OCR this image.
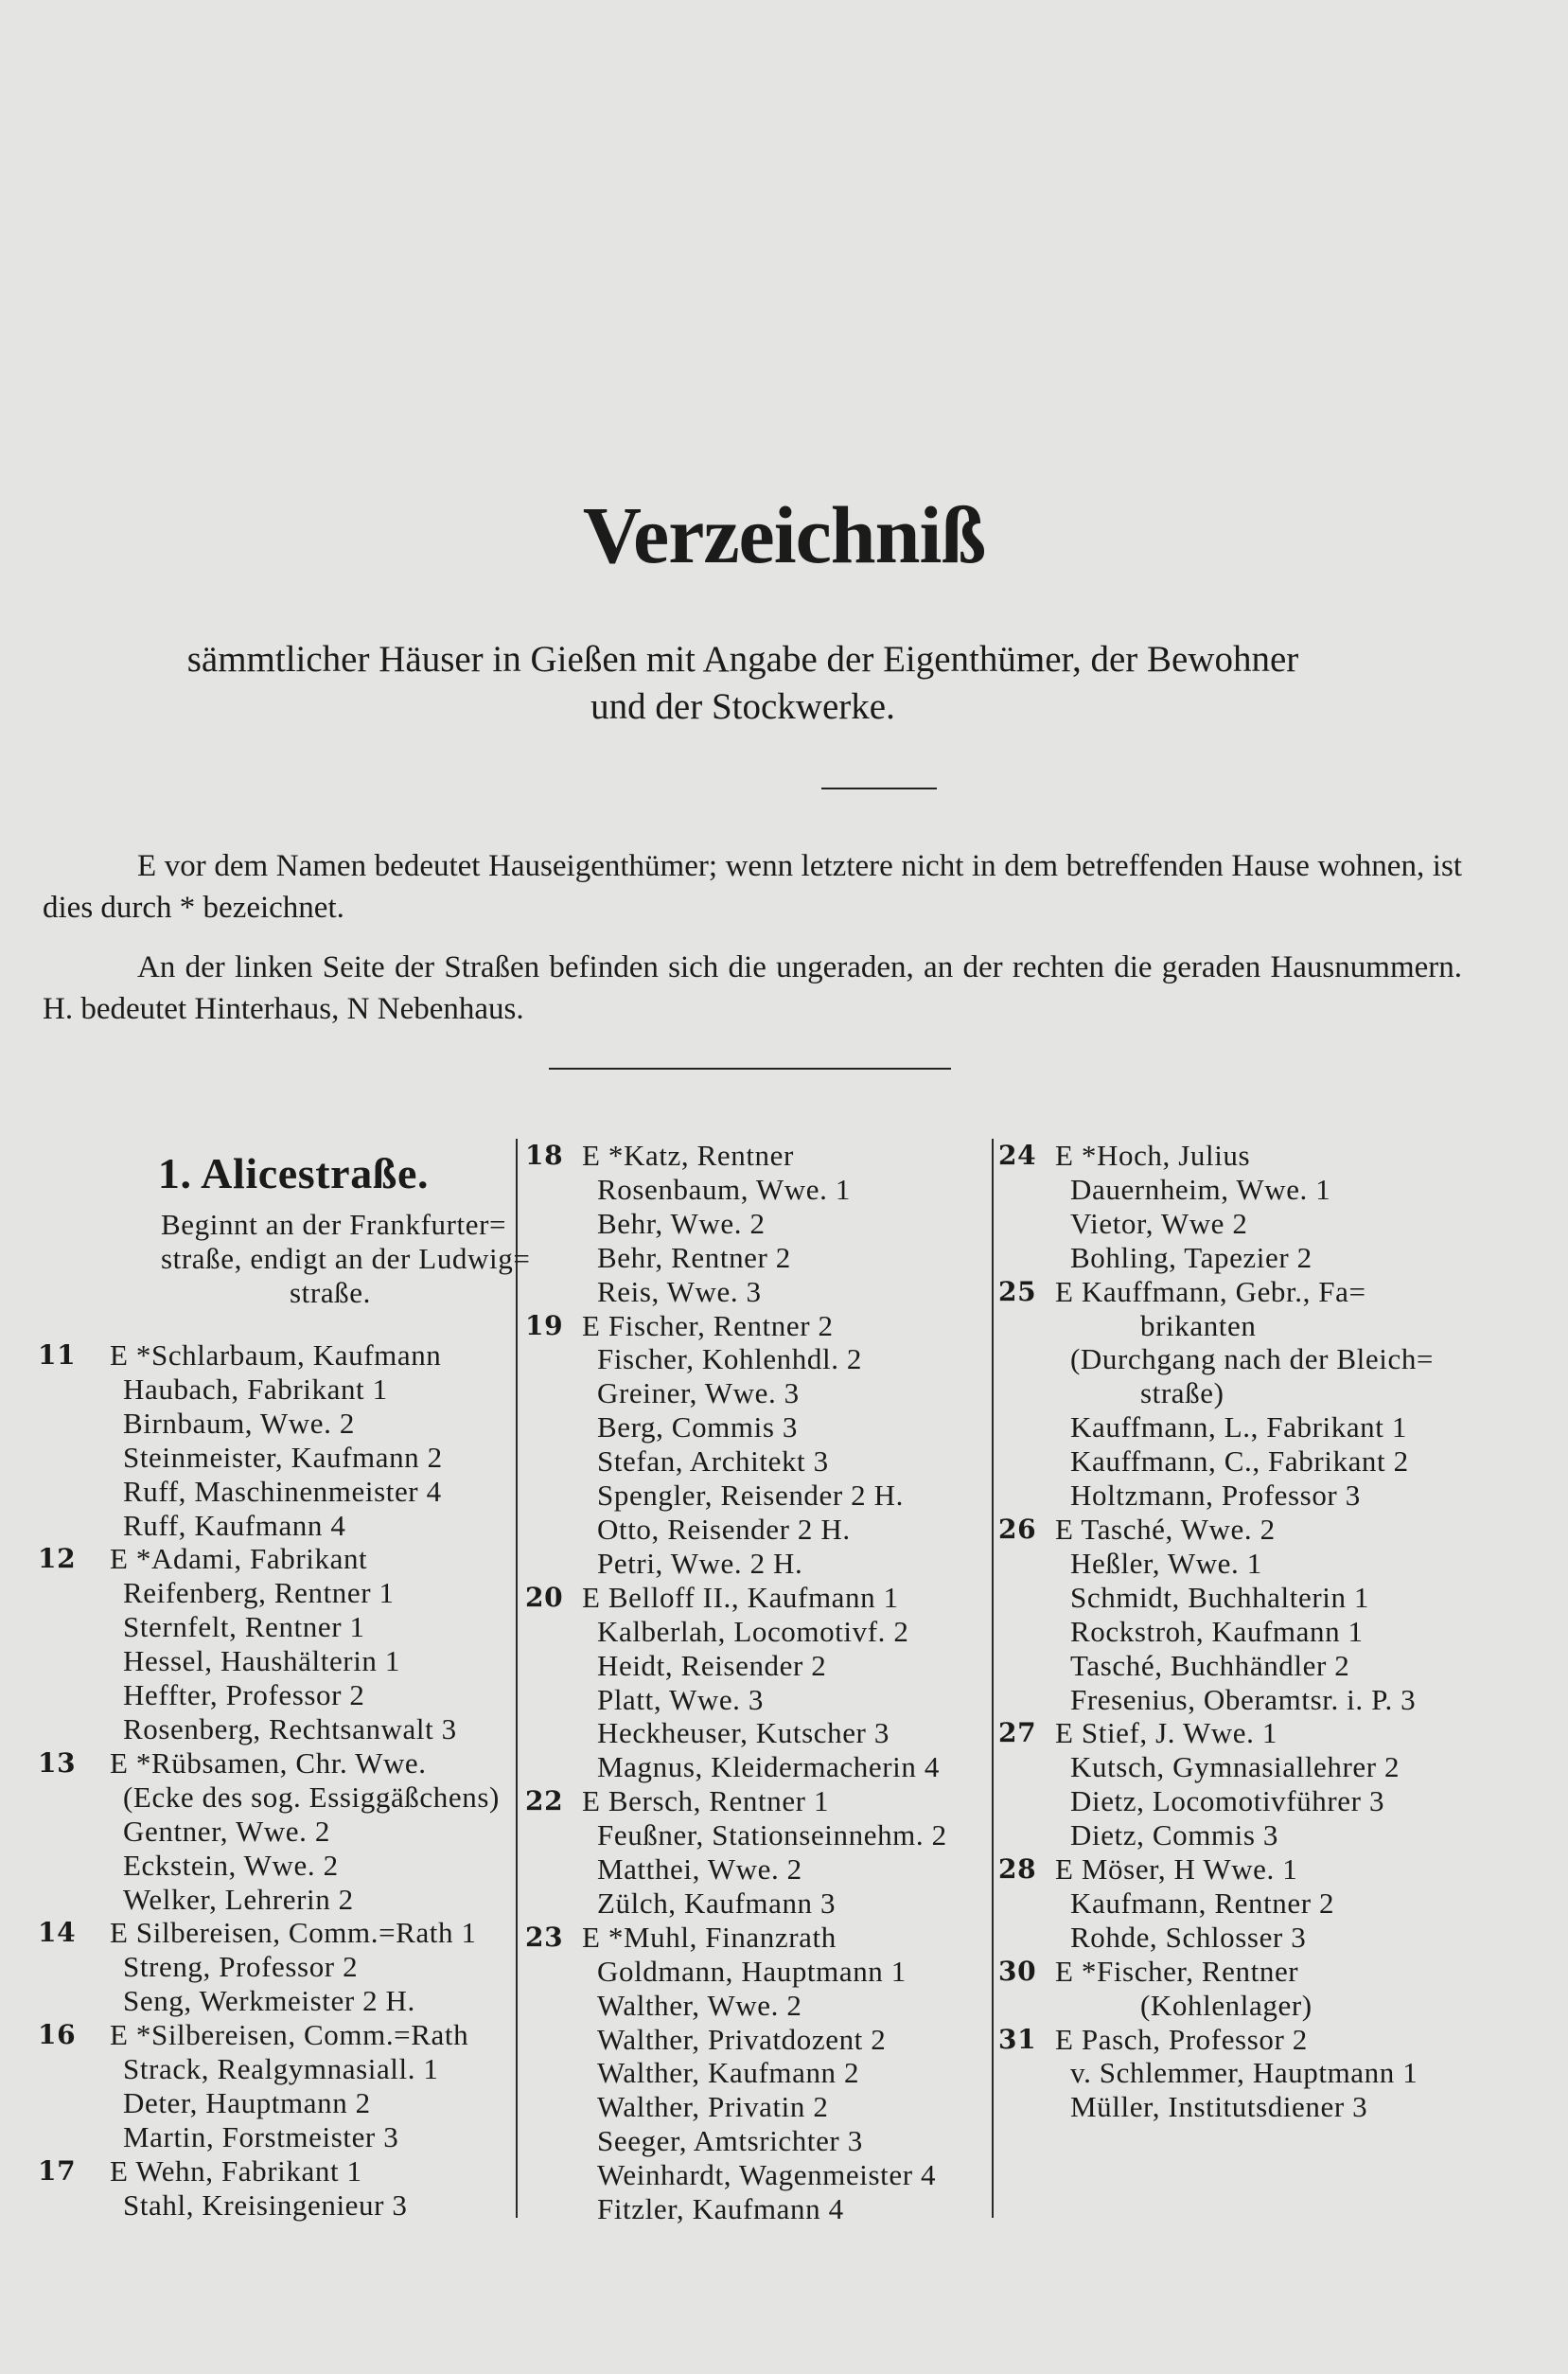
Verzeichniß
sämmtlicher Häuser in Gießen mit Angabe der Eigenthümer, der Bewohner
und der Stockwerke.

E vor dem Namen bedeutet Hauseigenthümer; wenn letztere nicht in dem betreffenden Hause wohnen, ist dies durch * bezeichnet.

An der linken Seite der Straßen befinden sich die ungeraden, an der rechten die geraden Hausnummern. H. bedeutet Hinterhaus, N Nebenhaus.

1. Alicestraße.
Beginnt an der Frankfurter=
straße, endigt an der Ludwig=
straße.
11	E *Schlarbaum, Kaufmann
Haubach, Fabrikant 1
Birnbaum, Wwe. 2
Steinmeister, Kaufmann 2
Ruff, Maschinenmeister 4
Ruff, Kaufmann 4
12	E *Adami, Fabrikant
Reifenberg, Rentner 1
Sternfelt, Rentner 1
Hessel, Haushälterin 1
Heffter, Professor 2
Rosenberg, Rechtsanwalt 3
13	E *Rübsamen, Chr. Wwe.
(Ecke des sog. Essiggäßchens)
Gentner, Wwe. 2
Eckstein, Wwe. 2
Welker, Lehrerin 2
14	E Silbereisen, Comm.=Rath 1
Streng, Professor 2
Seng, Werkmeister 2 H.
16	E *Silbereisen, Comm.=Rath
Strack, Realgymnasiall. 1
Deter, Hauptmann 2
Martin, Forstmeister 3
17	E Wehn, Fabrikant 1
Stahl, Kreisingenieur 3
18 E *Katz, Rentner
Rosenbaum, Wwe. 1
Behr, Wwe. 2
Behr, Rentner 2
Reis, Wwe. 3
19 E Fischer, Rentner 2
Fischer, Kohlenhdl. 2
Greiner, Wwe. 3
Berg, Commis 3
Stefan, Architekt 3
Spengler, Reisender 2 H.
Otto, Reisender 2 H.
Petri, Wwe. 2 H.
20 E Belloff II., Kaufmann 1
Kalberlah, Locomotivf. 2
Heidt, Reisender 2
Platt, Wwe. 3
Heckheuser, Kutscher 3
Magnus, Kleidermacherin 4
22 E Bersch, Rentner 1
Feußner, Stationseinnehm. 2
Matthei, Wwe. 2
Zülch, Kaufmann 3
23 E *Muhl, Finanzrath
Goldmann, Hauptmann 1
Walther, Wwe. 2
Walther, Privatdozent 2
Walther, Kaufmann 2
Walther, Privatin 2
Seeger, Amtsrichter 3
Weinhardt, Wagenmeister 4
Fitzler, Kaufmann 4
24 E *Hoch, Julius
Dauernheim, Wwe. 1
Vietor, Wwe 2
Bohling, Tapezier 2
25 E Kauffmann, Gebr., Fa=
brikanten
(Durchgang nach der Bleich=
straße)
Kauffmann, L., Fabrikant 1
Kauffmann, C., Fabrikant 2
Holtzmann, Professor 3
26 E Tasché, Wwe. 2
Heßler, Wwe. 1
Schmidt, Buchhalterin 1
Rockstroh, Kaufmann 1
Tasché, Buchhändler 2
Fresenius, Oberamtsr. i. P. 3
27 E Stief, J. Wwe. 1
Kutsch, Gymnasiallehrer 2
Dietz, Locomotivführer 3
Dietz, Commis 3
28 E Möser, H Wwe. 1
Kaufmann, Rentner 2
Rohde, Schlosser 3
30 E *Fischer, Rentner
(Kohlenlager)
31 E Pasch, Professor 2
v. Schlemmer, Hauptmann 1
Müller, Institutsdiener 3
